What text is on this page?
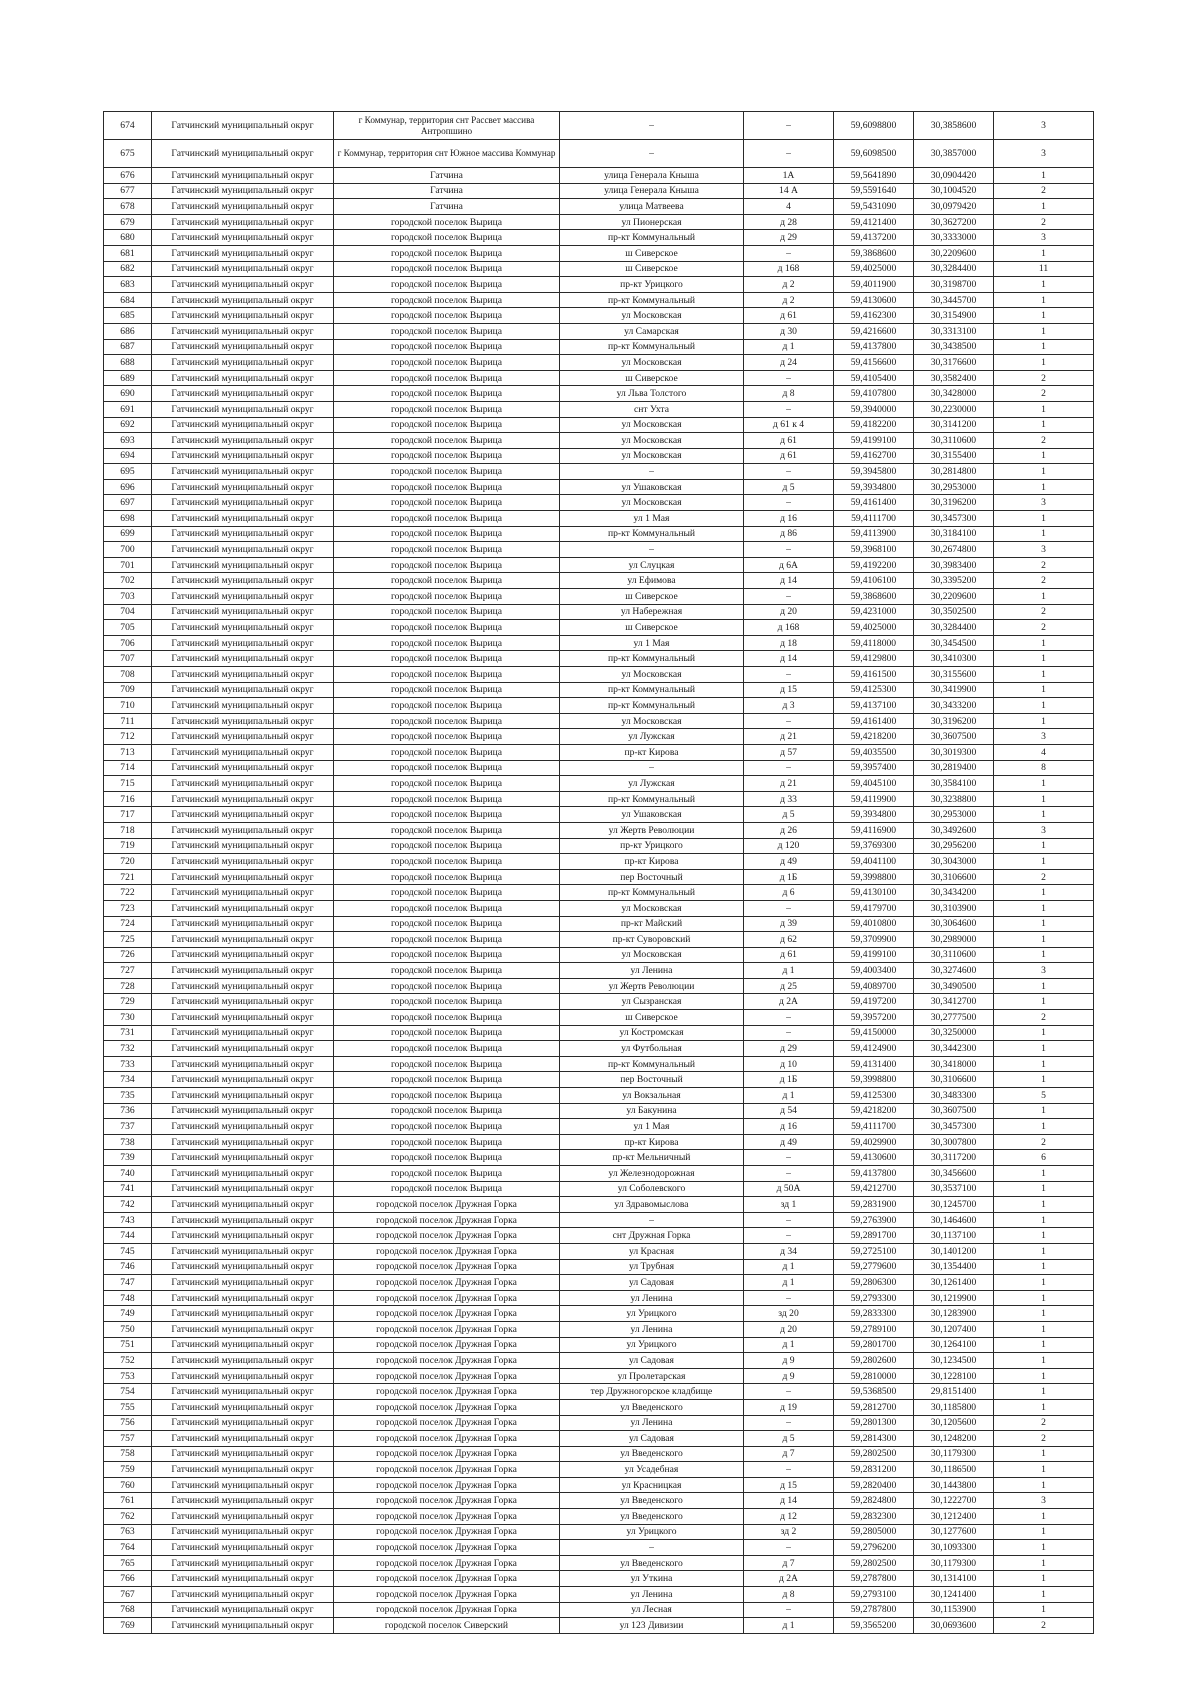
674	Гатчинский муниципальный округ	г Коммунар, территория снт Рассвет массива Антропшино	–	–	59,6098800	30,3858600	3
675	Гатчинский муниципальный округ	г Коммунар, территория снт Южное массива Коммунар	–	–	59,6098500	30,3857000	3
676	Гатчинский муниципальный округ	Гатчина	улица Генерала Кныша	1А	59,5641890	30,0904420	1
677	Гатчинский муниципальный округ	Гатчина	улица Генерала Кныша	14 А	59,5591640	30,1004520	2
678	Гатчинский муниципальный округ	Гатчина	улица Матвеева	4	59,5431090	30,0979420	1
679	Гатчинский муниципальный округ	городской поселок Вырица	ул Пионерская	д 28	59,4121400	30,3627200	2
680	Гатчинский муниципальный округ	городской поселок Вырица	пр-кт Коммунальный	д 29	59,4137200	30,3333000	3
681	Гатчинский муниципальный округ	городской поселок Вырица	ш Сиверское	–	59,3868600	30,2209600	1
682	Гатчинский муниципальный округ	городской поселок Вырица	ш Сиверское	д 168	59,4025000	30,3284400	11
683	Гатчинский муниципальный округ	городской поселок Вырица	пр-кт Урицкого	д 2	59,4011900	30,3198700	1
684	Гатчинский муниципальный округ	городской поселок Вырица	пр-кт Коммунальный	д 2	59,4130600	30,3445700	1
685	Гатчинский муниципальный округ	городской поселок Вырица	ул Московская	д 61	59,4162300	30,3154900	1
686	Гатчинский муниципальный округ	городской поселок Вырица	ул Самарская	д 30	59,4216600	30,3313100	1
687	Гатчинский муниципальный округ	городской поселок Вырица	пр-кт Коммунальный	д 1	59,4137800	30,3438500	1
688	Гатчинский муниципальный округ	городской поселок Вырица	ул Московская	д 24	59,4156600	30,3176600	1
689	Гатчинский муниципальный округ	городской поселок Вырица	ш Сиверское	–	59,4105400	30,3582400	2
690	Гатчинский муниципальный округ	городской поселок Вырица	ул Льва Толстого	д 8	59,4107800	30,3428000	2
691	Гатчинский муниципальный округ	городской поселок Вырица	снт Ухта	–	59,3940000	30,2230000	1
692	Гатчинский муниципальный округ	городской поселок Вырица	ул Московская	д 61 к 4	59,4182200	30,3141200	1
693	Гатчинский муниципальный округ	городской поселок Вырица	ул Московская	д 61	59,4199100	30,3110600	2
694	Гатчинский муниципальный округ	городской поселок Вырица	ул Московская	д 61	59,4162700	30,3155400	1
695	Гатчинский муниципальный округ	городской поселок Вырица	–	–	59,3945800	30,2814800	1
696	Гатчинский муниципальный округ	городской поселок Вырица	ул Ушаковская	д 5	59,3934800	30,2953000	1
697	Гатчинский муниципальный округ	городской поселок Вырица	ул Московская	–	59,4161400	30,3196200	3
698	Гатчинский муниципальный округ	городской поселок Вырица	ул 1 Мая	д 16	59,4111700	30,3457300	1
699	Гатчинский муниципальный округ	городской поселок Вырица	пр-кт Коммунальный	д 86	59,4113900	30,3184100	1
700	Гатчинский муниципальный округ	городской поселок Вырица	–	–	59,3968100	30,2674800	3
701	Гатчинский муниципальный округ	городской поселок Вырица	ул Слуцкая	д 6А	59,4192200	30,3983400	2
702	Гатчинский муниципальный округ	городской поселок Вырица	ул Ефимова	д 14	59,4106100	30,3395200	2
703	Гатчинский муниципальный округ	городской поселок Вырица	ш Сиверское	–	59,3868600	30,2209600	1
704	Гатчинский муниципальный округ	городской поселок Вырица	ул Набережная	д 20	59,4231000	30,3502500	2
705	Гатчинский муниципальный округ	городской поселок Вырица	ш Сиверское	д 168	59,4025000	30,3284400	2
706	Гатчинский муниципальный округ	городской поселок Вырица	ул 1 Мая	д 18	59,4118000	30,3454500	1
707	Гатчинский муниципальный округ	городской поселок Вырица	пр-кт Коммунальный	д 14	59,4129800	30,3410300	1
708	Гатчинский муниципальный округ	городской поселок Вырица	ул Московская	–	59,4161500	30,3155600	1
709	Гатчинский муниципальный округ	городской поселок Вырица	пр-кт Коммунальный	д 15	59,4125300	30,3419900	1
710	Гатчинский муниципальный округ	городской поселок Вырица	пр-кт Коммунальный	д 3	59,4137100	30,3433200	1
711	Гатчинский муниципальный округ	городской поселок Вырица	ул Московская	–	59,4161400	30,3196200	1
712	Гатчинский муниципальный округ	городской поселок Вырица	ул Лужская	д 21	59,4218200	30,3607500	3
713	Гатчинский муниципальный округ	городской поселок Вырица	пр-кт Кирова	д 57	59,4035500	30,3019300	4
714	Гатчинский муниципальный округ	городской поселок Вырица	–	–	59,3957400	30,2819400	8
715	Гатчинский муниципальный округ	городской поселок Вырица	ул Лужская	д 21	59,4045100	30,3584100	1
716	Гатчинский муниципальный округ	городской поселок Вырица	пр-кт Коммунальный	д 33	59,4119900	30,3238800	1
717	Гатчинский муниципальный округ	городской поселок Вырица	ул Ушаковская	д 5	59,3934800	30,2953000	1
718	Гатчинский муниципальный округ	городской поселок Вырица	ул Жертв Революции	д 26	59,4116900	30,3492600	3
719	Гатчинский муниципальный округ	городской поселок Вырица	пр-кт Урицкого	д 120	59,3769300	30,2956200	1
720	Гатчинский муниципальный округ	городской поселок Вырица	пр-кт Кирова	д 49	59,4041100	30,3043000	1
721	Гатчинский муниципальный округ	городской поселок Вырица	пер Восточный	д 1Б	59,3998800	30,3106600	2
722	Гатчинский муниципальный округ	городской поселок Вырица	пр-кт Коммунальный	д 6	59,4130100	30,3434200	1
723	Гатчинский муниципальный округ	городской поселок Вырица	ул Московская	–	59,4179700	30,3103900	1
724	Гатчинский муниципальный округ	городской поселок Вырица	пр-кт Майский	д 39	59,4010800	30,3064600	1
725	Гатчинский муниципальный округ	городской поселок Вырица	пр-кт Суворовский	д 62	59,3709900	30,2989000	1
726	Гатчинский муниципальный округ	городской поселок Вырица	ул Московская	д 61	59,4199100	30,3110600	1
727	Гатчинский муниципальный округ	городской поселок Вырица	ул Ленина	д 1	59,4003400	30,3274600	3
728	Гатчинский муниципальный округ	городской поселок Вырица	ул Жертв Революции	д 25	59,4089700	30,3490500	1
729	Гатчинский муниципальный округ	городской поселок Вырица	ул Сызранская	д 2А	59,4197200	30,3412700	1
730	Гатчинский муниципальный округ	городской поселок Вырица	ш Сиверское	–	59,3957200	30,2777500	2
731	Гатчинский муниципальный округ	городской поселок Вырица	ул Костромская	–	59,4150000	30,3250000	1
732	Гатчинский муниципальный округ	городской поселок Вырица	ул Футбольная	д 29	59,4124900	30,3442300	1
733	Гатчинский муниципальный округ	городской поселок Вырица	пр-кт Коммунальный	д 10	59,4131400	30,3418000	1
734	Гатчинский муниципальный округ	городской поселок Вырица	пер Восточный	д 1Б	59,3998800	30,3106600	1
735	Гатчинский муниципальный округ	городской поселок Вырица	ул Вокзальная	д 1	59,4125300	30,3483300	5
736	Гатчинский муниципальный округ	городской поселок Вырица	ул Бакунина	д 54	59,4218200	30,3607500	1
737	Гатчинский муниципальный округ	городской поселок Вырица	ул 1 Мая	д 16	59,4111700	30,3457300	1
738	Гатчинский муниципальный округ	городской поселок Вырица	пр-кт Кирова	д 49	59,4029900	30,3007800	2
739	Гатчинский муниципальный округ	городской поселок Вырица	пр-кт Мельничный	–	59,4130600	30,3117200	6
740	Гатчинский муниципальный округ	городской поселок Вырица	ул Железнодорожная	–	59,4137800	30,3456600	1
741	Гатчинский муниципальный округ	городской поселок Вырица	ул Соболевского	д 50А	59,4212700	30,3537100	1
742	Гатчинский муниципальный округ	городской поселок Дружная Горка	ул Здравомыслова	зд 1	59,2831900	30,1245700	1
743	Гатчинский муниципальный округ	городской поселок Дружная Горка	–	–	59,2763900	30,1464600	1
744	Гатчинский муниципальный округ	городской поселок Дружная Горка	снт Дружная Горка	–	59,2891700	30,1137100	1
745	Гатчинский муниципальный округ	городской поселок Дружная Горка	ул Красная	д 34	59,2725100	30,1401200	1
746	Гатчинский муниципальный округ	городской поселок Дружная Горка	ул Трубная	д 1	59,2779600	30,1354400	1
747	Гатчинский муниципальный округ	городской поселок Дружная Горка	ул Садовая	д 1	59,2806300	30,1261400	1
748	Гатчинский муниципальный округ	городской поселок Дружная Горка	ул Ленина	–	59,2793300	30,1219900	1
749	Гатчинский муниципальный округ	городской поселок Дружная Горка	ул Урицкого	зд 20	59,2833300	30,1283900	1
750	Гатчинский муниципальный округ	городской поселок Дружная Горка	ул Ленина	д 20	59,2789100	30,1207400	1
751	Гатчинский муниципальный округ	городской поселок Дружная Горка	ул Урицкого	д 1	59,2801700	30,1264100	1
752	Гатчинский муниципальный округ	городской поселок Дружная Горка	ул Садовая	д 9	59,2802600	30,1234500	1
753	Гатчинский муниципальный округ	городской поселок Дружная Горка	ул Пролетарская	д 9	59,2810000	30,1228100	1
754	Гатчинский муниципальный округ	городской поселок Дружная Горка	тер Дружногорское кладбище	–	59,5368500	29,8151400	1
755	Гатчинский муниципальный округ	городской поселок Дружная Горка	ул Введенского	д 19	59,2812700	30,1185800	1
756	Гатчинский муниципальный округ	городской поселок Дружная Горка	ул Ленина	–	59,2801300	30,1205600	2
757	Гатчинский муниципальный округ	городской поселок Дружная Горка	ул Садовая	д 5	59,2814300	30,1248200	2
758	Гатчинский муниципальный округ	городской поселок Дружная Горка	ул Введенского	д 7	59,2802500	30,1179300	1
759	Гатчинский муниципальный округ	городской поселок Дружная Горка	ул Усадебная	–	59,2831200	30,1186500	1
760	Гатчинский муниципальный округ	городской поселок Дружная Горка	ул Красницкая	д 15	59,2820400	30,1443800	1
761	Гатчинский муниципальный округ	городской поселок Дружная Горка	ул Введенского	д 14	59,2824800	30,1222700	3
762	Гатчинский муниципальный округ	городской поселок Дружная Горка	ул Введенского	д 12	59,2832300	30,1212400	1
763	Гатчинский муниципальный округ	городской поселок Дружная Горка	ул Урицкого	зд 2	59,2805000	30,1277600	1
764	Гатчинский муниципальный округ	городской поселок Дружная Горка	–	–	59,2796200	30,1093300	1
765	Гатчинский муниципальный округ	городской поселок Дружная Горка	ул Введенского	д 7	59,2802500	30,1179300	1
766	Гатчинский муниципальный округ	городской поселок Дружная Горка	ул Уткина	д 2А	59,2787800	30,1314100	1
767	Гатчинский муниципальный округ	городской поселок Дружная Горка	ул Ленина	д 8	59,2793100	30,1241400	1
768	Гатчинский муниципальный округ	городской поселок Дружная Горка	ул Лесная	–	59,2787800	30,1153900	1
769	Гатчинский муниципальный округ	городской поселок Сиверский	ул 123 Дивизии	д 1	59,3565200	30,0693600	2
